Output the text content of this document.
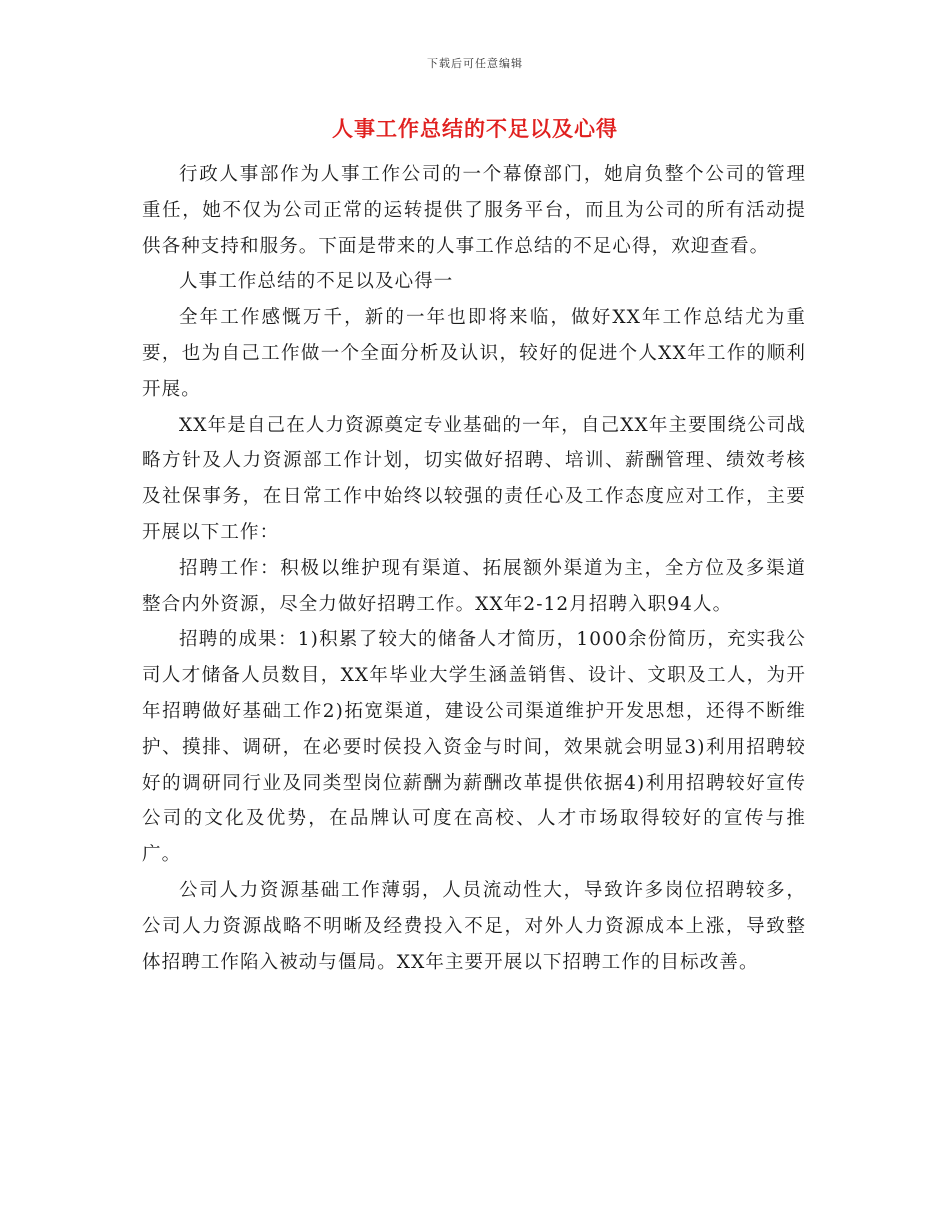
下载后可任意编辑
人事工作总结的不足以及心得

行政人事部作为人事工作公司的一个幕僚部门，她肩负整个公司的管理重任，她不仅为公司正常的运转提供了服务平台，而且为公司的所有活动提供各种支持和服务。下面是带来的人事工作总结的不足心得，欢迎查看。

人事工作总结的不足以及心得一

全年工作感慨万千，新的一年也即将来临，做好XX年工作总结尤为重要，也为自己工作做一个全面分析及认识，较好的促进个人XX年工作的顺利开展。

XX年是自己在人力资源奠定专业基础的一年，自己XX年主要围绕公司战略方针及人力资源部工作计划，切实做好招聘、培训、薪酬管理、绩效考核及社保事务，在日常工作中始终以较强的责任心及工作态度应对工作，主要开展以下工作：

招聘工作：积极以维护现有渠道、拓展额外渠道为主，全方位及多渠道整合内外资源，尽全力做好招聘工作。XX年2-12月招聘入职94人。

招聘的成果：1)积累了较大的储备人才简历，1000余份简历，充实我公司人才储备人员数目，XX年毕业大学生涵盖销售、设计、文职及工人，为开年招聘做好基础工作2)拓宽渠道，建设公司渠道维护开发思想，还得不断维护、摸排、调研，在必要时侯投入资金与时间，效果就会明显3)利用招聘较好的调研同行业及同类型岗位薪酬为薪酬改革提供依据4)利用招聘较好宣传公司的文化及优势，在品牌认可度在高校、人才市场取得较好的宣传与推广。

公司人力资源基础工作薄弱，人员流动性大，导致许多岗位招聘较多，公司人力资源战略不明晰及经费投入不足，对外人力资源成本上涨，导致整体招聘工作陷入被动与僵局。XX年主要开展以下招聘工作的目标改善。
